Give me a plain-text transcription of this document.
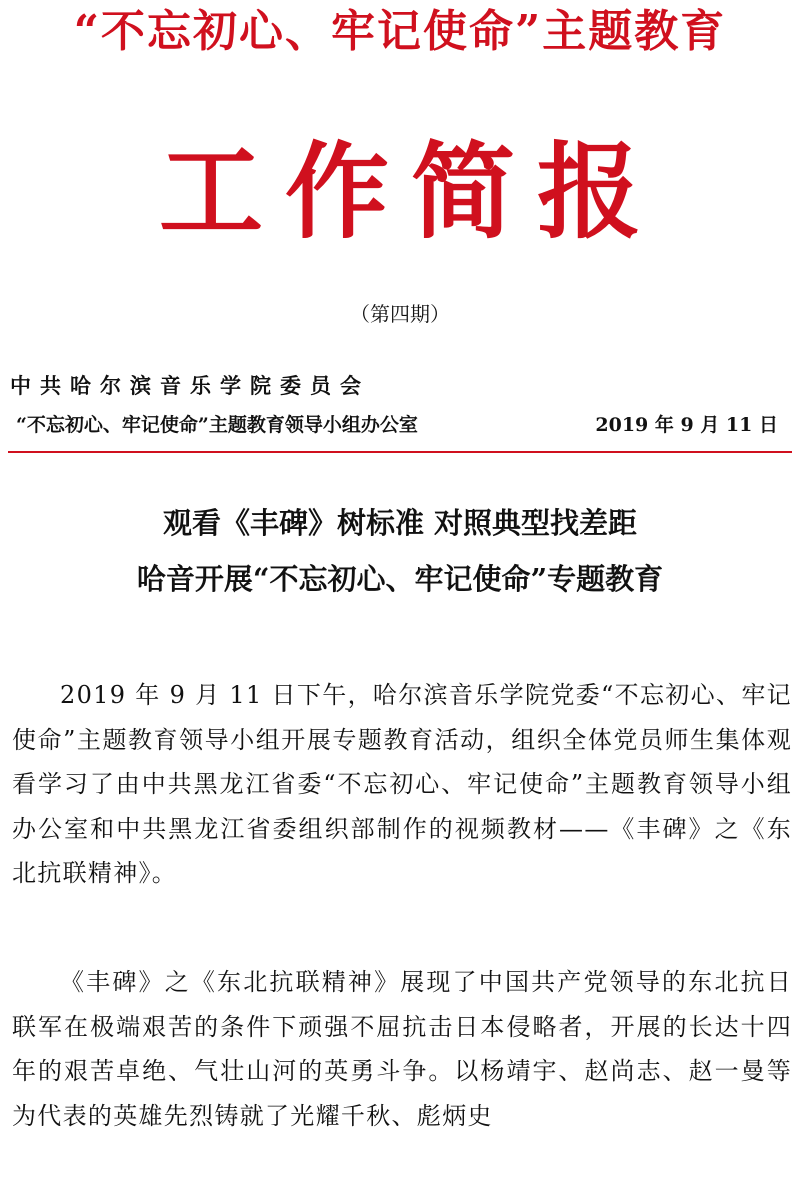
“不忘初心、牢记使命”主题教育
工作简报
（第四期）
中共哈尔滨音乐学院委员会
“不忘初心、牢记使命”主题教育领导小组办公室	2019 年 9 月 11 日
观看《丰碑》树标准 对照典型找差距
哈音开展“不忘初心、牢记使命”专题教育

2019 年 9 月 11 日下午，哈尔滨音乐学院党委“不忘初心、牢记使命”主题教育领导小组开展专题教育活动，组织全体党员师生集体观看学习了由中共黑龙江省委“不忘初心、牢记使命”主题教育领导小组办公室和中共黑龙江省委组织部制作的视频教材——《丰碑》之《东北抗联精神》。

《丰碑》之《东北抗联精神》展现了中国共产党领导的东北抗日联军在极端艰苦的条件下顽强不屈抗击日本侵略者，开展的长达十四年的艰苦卓绝、气壮山河的英勇斗争。以杨靖宇、赵尚志、赵一曼等为代表的英雄先烈铸就了光耀千秋、彪炳史
